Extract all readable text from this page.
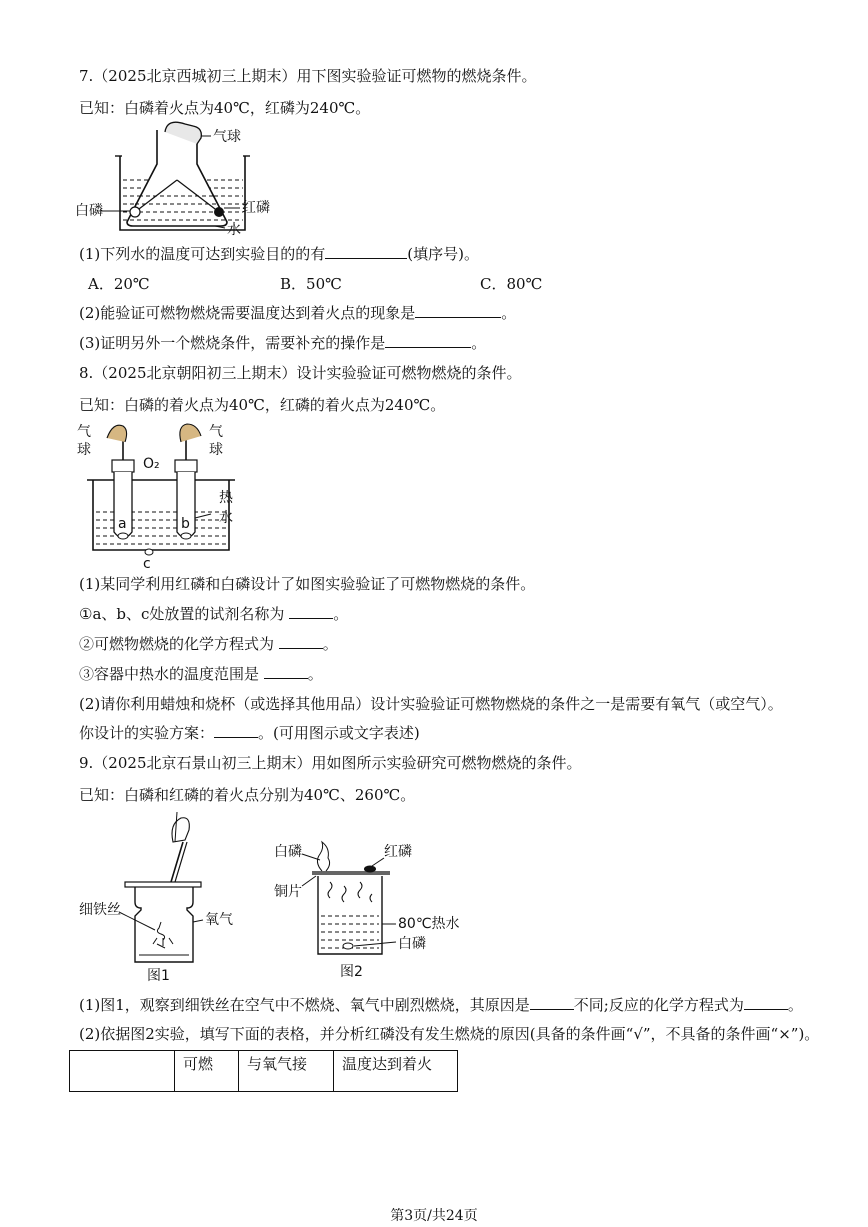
7.（2025北京西城初三上期末）用下图实验验证可燃物的燃烧条件。
已知：白磷着火点为40℃，红磷为240℃。
气球
白磷	红磷
水
(1)下列水的温度可达到实验目的的有	(填序号)。
A．20℃	B．50℃	C．80℃
(2)能验证可燃物燃烧需要温度达到着火点的现象是	。
(3)证明另外一个燃烧条件，需要补充的操作是	。
8.（2025北京朝阳初三上期末）设计实验验证可燃物燃烧的条件。
已知：白磷的着火点为40℃，红磷的着火点为240℃。
气
球
气
球
O₂
a	b
c
热
水
(1)某同学利用红磷和白磷设计了如图实验验证了可燃物燃烧的条件。
①a、b、c处放置的试剂名称为	。
②可燃物燃烧的化学方程式为	。
③容器中热水的温度范围是	。
(2)请你利用蜡烛和烧杯（或选择其他用品）设计实验验证可燃物燃烧的条件之一是需要有氧气（或空气）。
你设计的实验方案：	。(可用图示或文字表述)
9.（2025北京石景山初三上期末）用如图所示实验研究可燃物燃烧的条件。
已知：白磷和红磷的着火点分别为40℃、260℃。
细铁丝
氧气
图1
白磷	红磷
铜片
80℃热水
白磷
图2
(1)图1，观察到细铁丝在空气中不燃烧、氧气中剧烈燃烧，其原因是	不同;反应的化学方程式为	。
(2)依据图2实验，填写下面的表格，并分析红磷没有发生燃烧的原因(具备的条件画“√”，不具备的条件画“×”)。
	可燃	与氧气接	温度达到着火
第3页/共24页
